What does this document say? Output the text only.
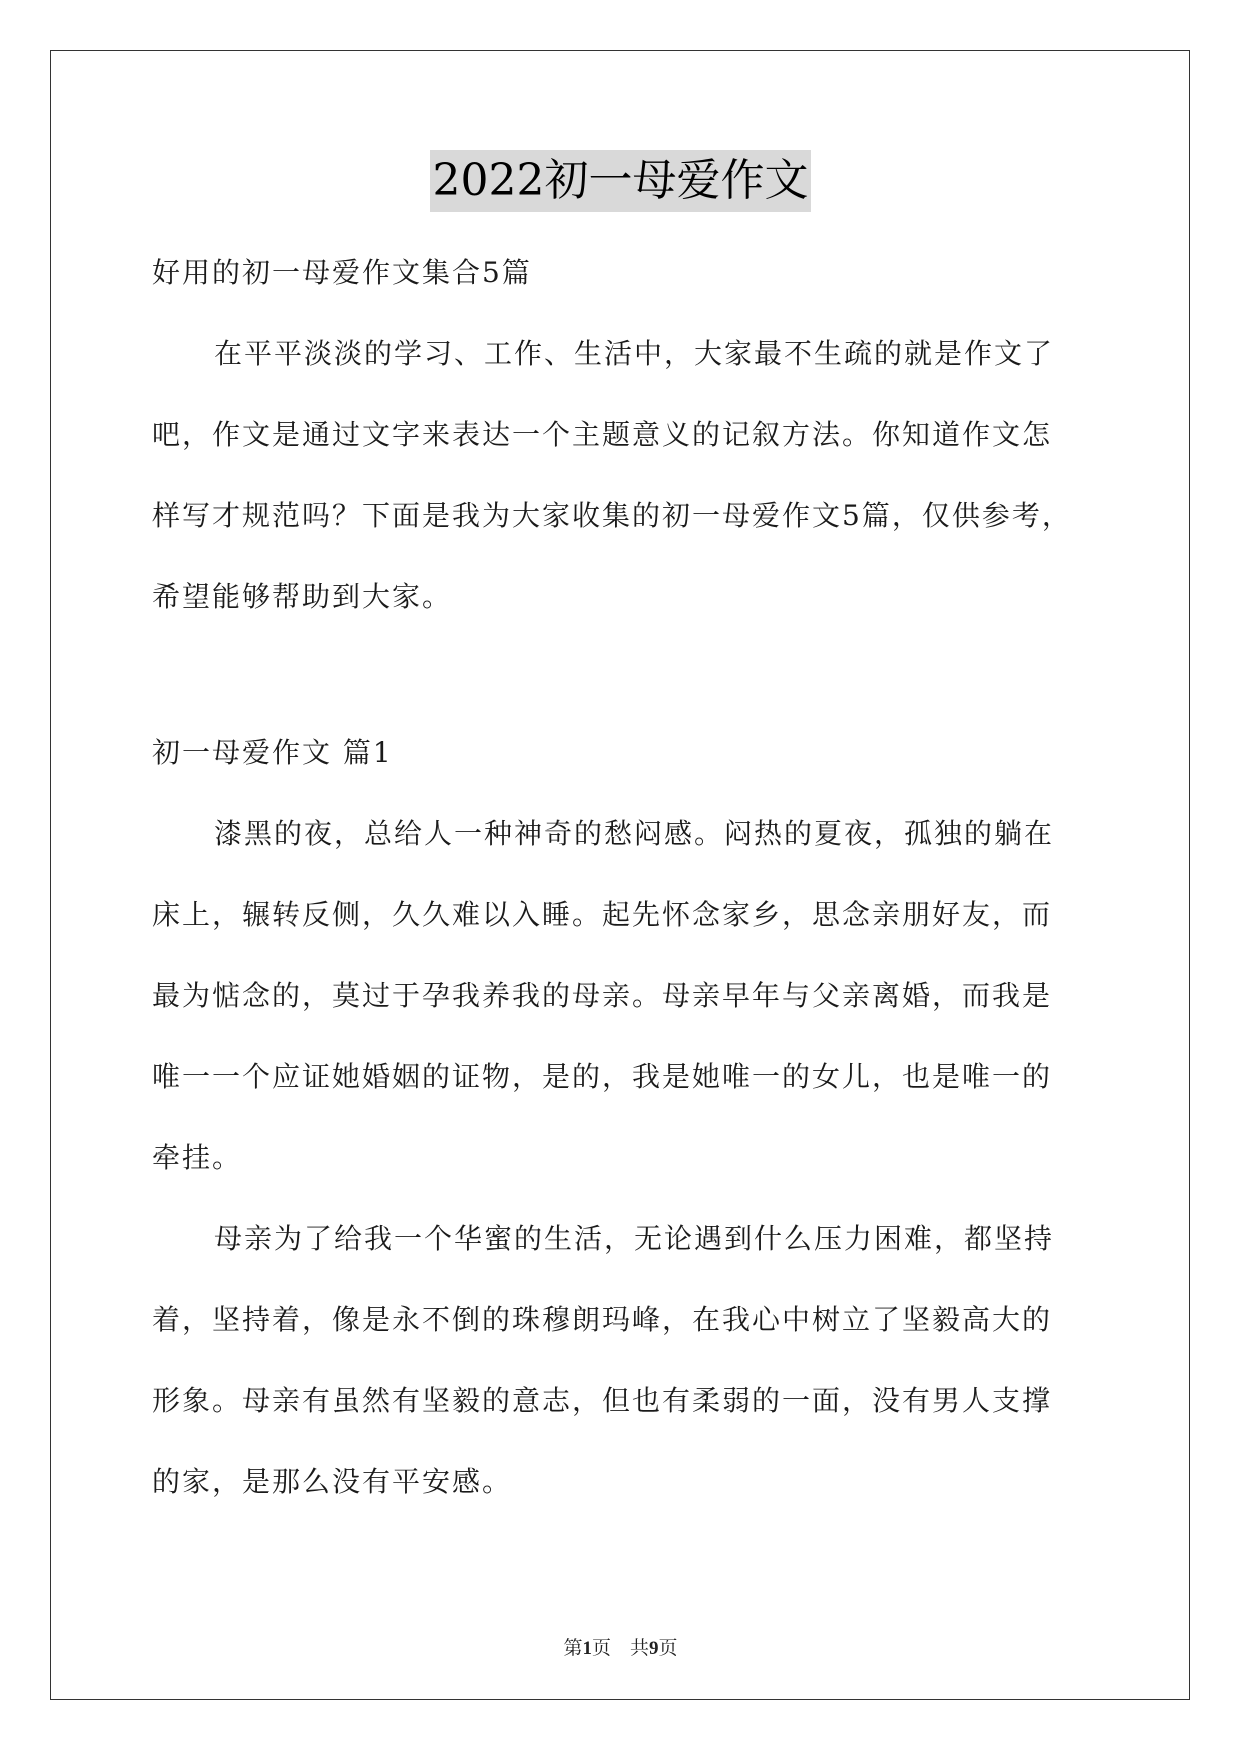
2022初一母爱作文
好用的初一母爱作文集合5篇
在平平淡淡的学习、工作、生活中，大家最不生疏的就是作文了
吧，作文是通过文字来表达一个主题意义的记叙方法。你知道作文怎
样写才规范吗？下面是我为大家收集的初一母爱作文5篇，仅供参考，
希望能够帮助到大家。
初一母爱作文 篇1
漆黑的夜，总给人一种神奇的愁闷感。闷热的夏夜，孤独的躺在
床上，辗转反侧，久久难以入睡。起先怀念家乡，思念亲朋好友，而
最为惦念的，莫过于孕我养我的母亲。母亲早年与父亲离婚，而我是
唯一一个应证她婚姻的证物，是的，我是她唯一的女儿，也是唯一的
牵挂。
母亲为了给我一个华蜜的生活，无论遇到什么压力困难，都坚持
着，坚持着，像是永不倒的珠穆朗玛峰，在我心中树立了坚毅高大的
形象。母亲有虽然有坚毅的意志，但也有柔弱的一面，没有男人支撑
的家，是那么没有平安感。
第1页　共9页
